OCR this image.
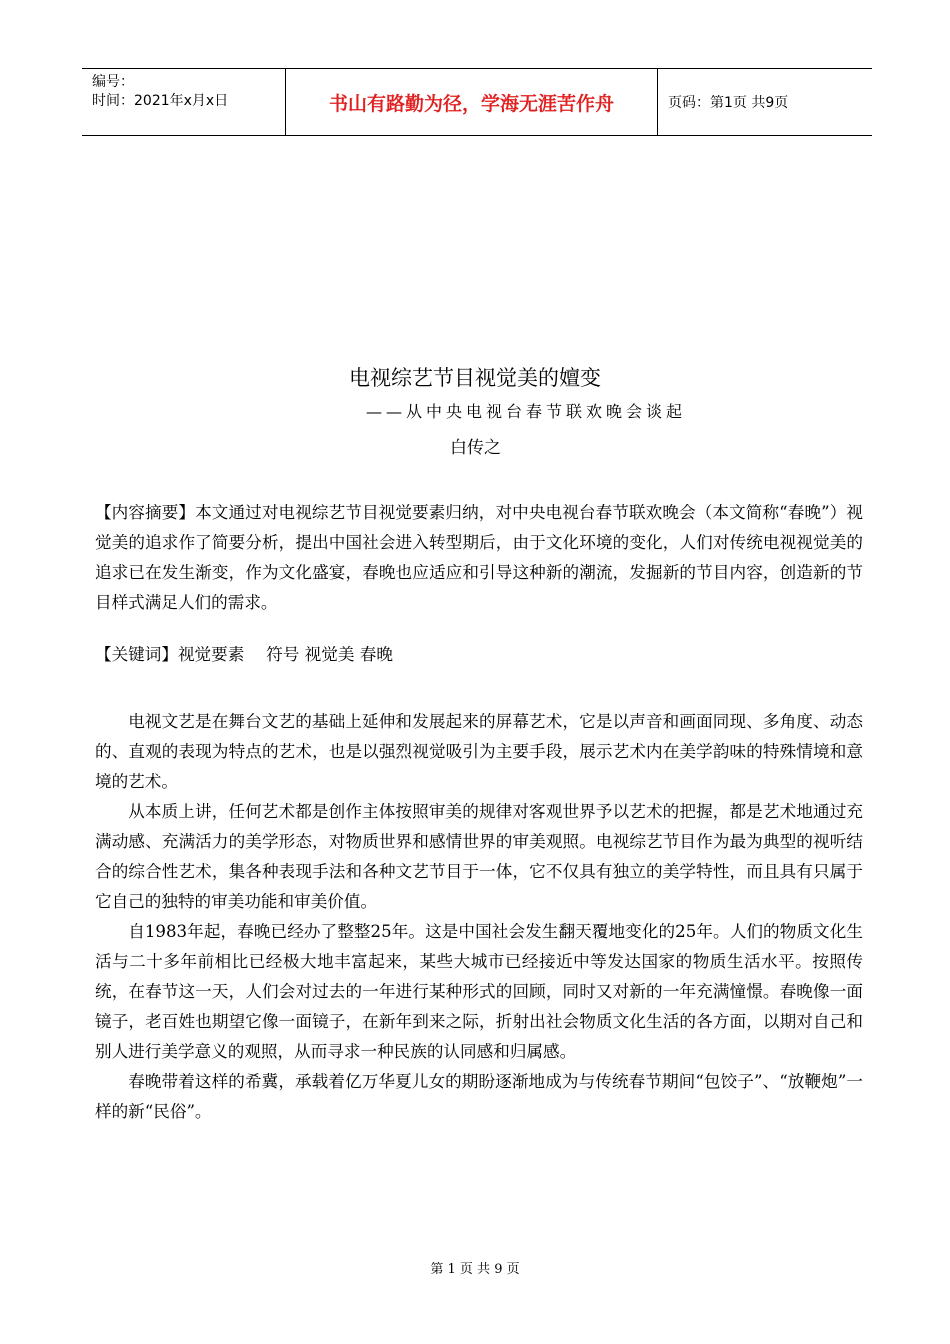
编号：
时间：2021年x月x日	书山有路勤为径，学海无涯苦作舟	页码：第1页 共9页
电视综艺节目视觉美的嬗变
——从中央电视台春节联欢晚会谈起
白传之
【内容摘要】本文通过对电视综艺节目视觉要素归纳，对中央电视台春节联欢晚会（本文简称“春晚”）视觉美的追求作了简要分析，提出中国社会进入转型期后，由于文化环境的变化，人们对传统电视视觉美的追求已在发生渐变，作为文化盛宴，春晚也应适应和引导这种新的潮流，发掘新的节目内容，创造新的节目样式满足人们的需求。
【关键词】视觉要素　 符号 视觉美 春晚

电视文艺是在舞台文艺的基础上延伸和发展起来的屏幕艺术，它是以声音和画面同现、多角度、动态的、直观的表现为特点的艺术，也是以强烈视觉吸引为主要手段，展示艺术内在美学韵味的特殊情境和意境的艺术。

从本质上讲，任何艺术都是创作主体按照审美的规律对客观世界予以艺术的把握，都是艺术地通过充满动感、充满活力的美学形态，对物质世界和感情世界的审美观照。电视综艺节目作为最为典型的视听结合的综合性艺术，集各种表现手法和各种文艺节目于一体，它不仅具有独立的美学特性，而且具有只属于它自己的独特的审美功能和审美价值。

自1983年起，春晚已经办了整整25年。这是中国社会发生翻天覆地变化的25年。人们的物质文化生活与二十多年前相比已经极大地丰富起来，某些大城市已经接近中等发达国家的物质生活水平。按照传统，在春节这一天，人们会对过去的一年进行某种形式的回顾，同时又对新的一年充满憧憬。春晚像一面镜子，老百姓也期望它像一面镜子，在新年到来之际，折射出社会物质文化生活的各方面，以期对自己和别人进行美学意义的观照，从而寻求一种民族的认同感和归属感。

春晚带着这样的希冀，承载着亿万华夏儿女的期盼逐渐地成为与传统春节期间“包饺子”、“放鞭炮”一样的新“民俗”。

第 1 页 共 9 页
